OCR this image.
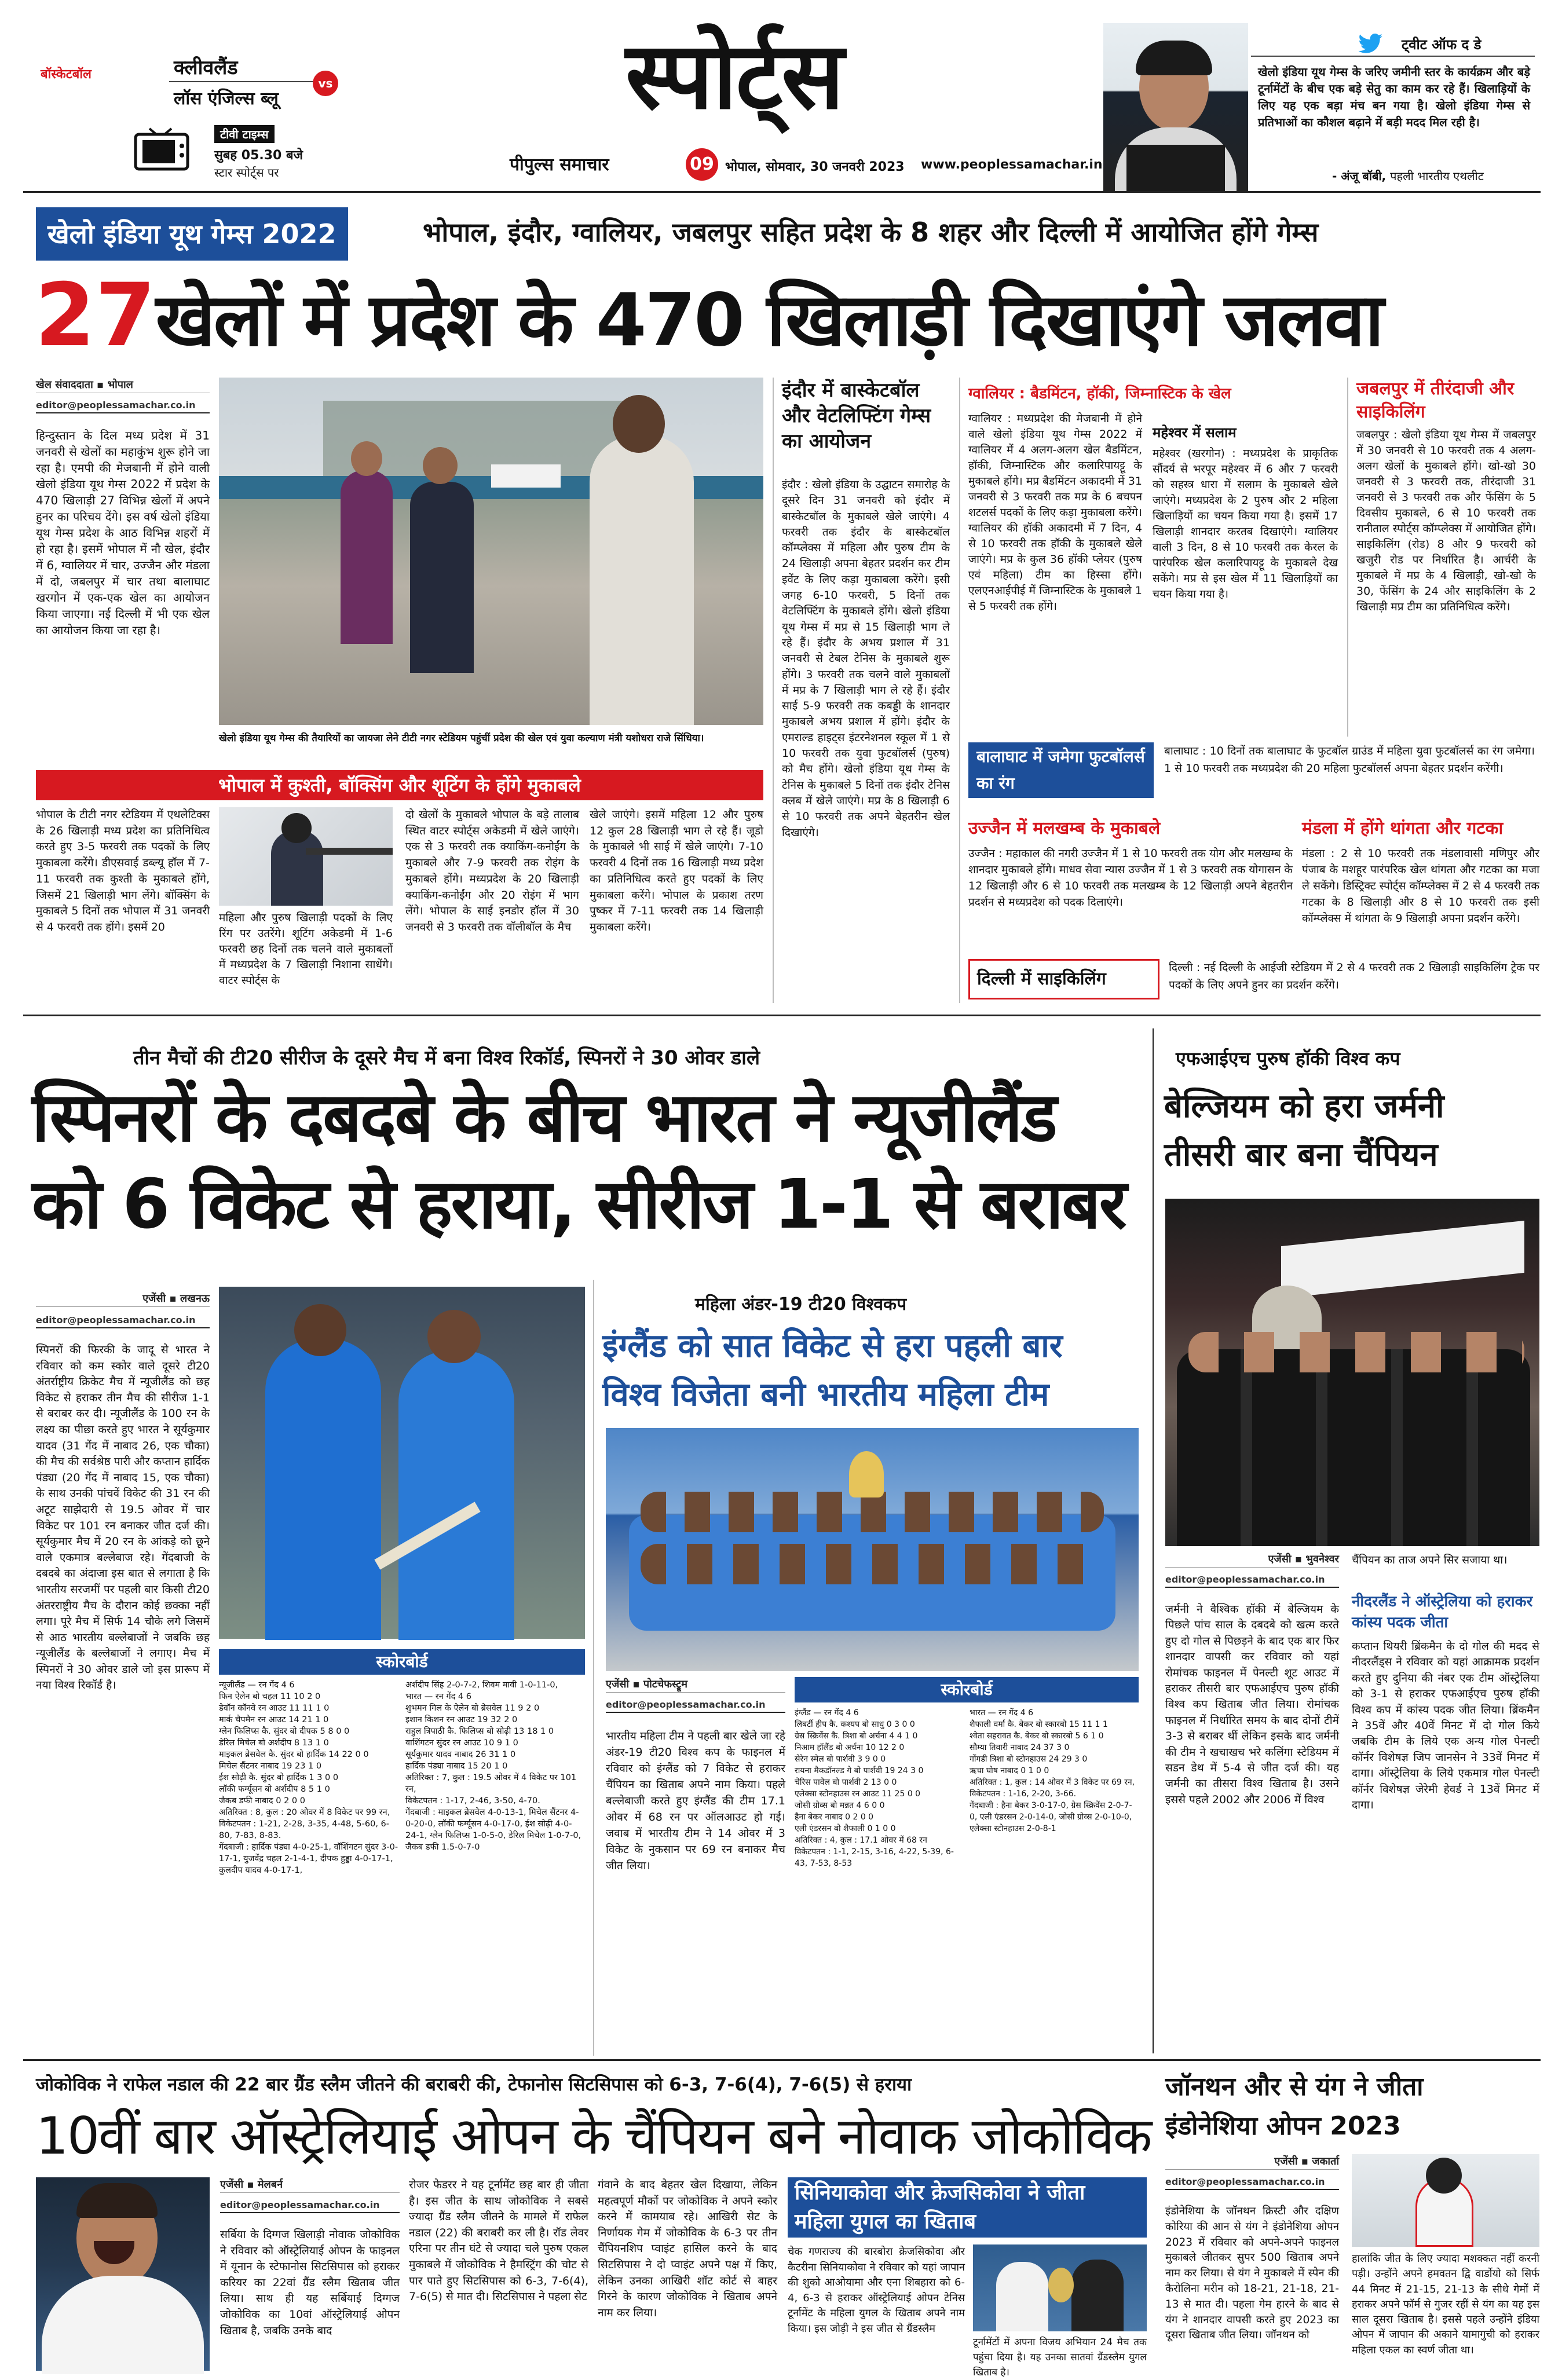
बॉस्केटबॉल	क्लीवलैंड
लॉस एंजिल्स ब्लू
vs
टीवी टाइम्स
सुबह 05.30 बजे
स्टार स्पोर्ट्स पर
स्पोर्ट्स
पीपुल्स समाचार	09 भोपाल, सोमवार, 30 जनवरी 2023 www.peoplessamachar.in
ट्वीट ऑफ द डे
खेलो इंडिया यूथ गेम्स के जरिए जमीनी स्तर के कार्यक्रम और बड़े टूर्नामेंटों के बीच एक बड़े सेतु का काम कर रहे हैं। खिलाड़ियों के लिए यह एक बड़ा मंच बन गया है। खेलो इंडिया गेम्स से प्रतिभाओं का कौशल बढ़ाने में बड़ी मदद मिल रही है।
- अंजू बॉबी, पहली भारतीय एथलीट
खेलो इंडिया यूथ गेम्स 2022	भोपाल, इंदौर, ग्वालियर, जबलपुर सहित प्रदेश के 8 शहर और दिल्ली में आयोजित होंगे गेम्स
27खेलों में प्रदेश के 470 खिलाड़ी दिखाएंगे जलवा
खेल संवाददाता ▪ भोपाल
editor@peoplessamachar.co.in
हिन्दुस्तान के दिल मध्य प्रदेश में 31 जनवरी से खेलों का महाकुंभ शुरू होने जा रहा है। एमपी की मेजबानी में होने वाली खेलो इंडिया यूथ गेम्स 2022 में प्रदेश के 470 खिलाड़ी 27 विभिन्न खेलों में अपने हुनर का परिचय देंगे। इस वर्ष खेलो इंडिया यूथ गेम्स प्रदेश के आठ विभिन्न शहरों में हो रहा है। इसमें भोपाल में नौ खेल, इंदौर में 6, ग्वालियर में चार, उज्जैन और मंडला में दो, जबलपुर में चार तथा बालाघाट खरगोन में एक-एक खेल का आयोजन किया जाएगा। नई दिल्ली में भी एक खेल का आयोजन किया जा रहा है।
खेलो इंडिया यूथ गेम्स की तैयारियों का जायजा लेने टीटी नगर स्टेडियम पहुंचीं प्रदेश की खेल एवं युवा कल्याण मंत्री यशोधरा राजे सिंधिया।
इंदौर में बास्केटबॉल और वेटलिफ्टिंग गेम्स का आयोजन
इंदौर : खेलो इंडिया के उद्घाटन समारोह के दूसरे दिन 31 जनवरी को इंदौर में बास्केटबॉल के मुकाबले खेले जाएंगे। 4 फरवरी तक इंदौर के बास्केटबॉल कॉम्प्लेक्स में महिला और पुरुष टीम के 24 खिलाड़ी अपना बेहतर प्रदर्शन कर टीम इवेंट के लिए कड़ा मुकाबला करेंगे। इसी जगह 6-10 फरवरी, 5 दिनों तक वेटलिफ्टिंग के मुकाबले होंगे। खेलो इंडिया यूथ गेम्स में मप्र से 15 खिलाड़ी भाग ले रहे हैं। इंदौर के अभय प्रशाल में 31 जनवरी से टेबल टेनिस के मुकाबले शुरू होंगे। 3 फरवरी तक चलने वाले मुकाबलों में मप्र के 7 खिलाड़ी भाग ले रहे हैं। इंदौर साई 5-9 फरवरी तक कबड्डी के शानदार मुकाबले अभय प्रशाल में होंगे। इंदौर के एमराल्ड हाइट्स इंटरनेशनल स्कूल में 1 से 10 फरवरी तक युवा फुटबॉलर्स (पुरुष) को मैच होंगे। खेलो इंडिया यूथ गेम्स के टेनिस के मुकाबले 5 दिनों तक इंदौर टेनिस क्लब में खेले जाएंगे। मप्र के 8 खिलाड़ी 6 से 10 फरवरी तक अपने बेहतरीन खेल दिखाएंगे।
ग्वालियर : बैडमिंटन, हॉकी, जिम्नास्टिक के खेल
ग्वालियर : मध्यप्रदेश की मेजबानी में होने वाले खेलो इंडिया यूथ गेम्स 2022 में ग्वालियर में 4 अलग-अलग खेल बैडमिंटन, हॉकी, जिम्नास्टिक और कलारिपायट्टू के मुकाबले होंगे। मप्र बैडमिंटन अकादमी में 31 जनवरी से 3 फरवरी तक मप्र के 6 बचपन शटलर्स पदकों के लिए कड़ा मुकाबला करेंगे। ग्वालियर की हॉकी अकादमी में 7 दिन, 4 से 10 फरवरी तक हॉकी के मुकाबले खेले जाएंगे। मप्र के कुल 36 हॉकी प्लेयर (पुरुष एवं महिला) टीम का हिस्सा होंगे। एलएनआईपीई में जिम्नास्टिक के मुकाबले 1 से 5 फरवरी तक होंगे।
महेश्वर में सलाम
महेश्वर (खरगोन) : मध्यप्रदेश के प्राकृतिक सौंदर्य से भरपूर महेश्वर में 6 और 7 फरवरी को सहस्त्र धारा में सलाम के मुकाबले खेले जाएंगे। मध्यप्रदेश के 2 पुरुष और 2 महिला खिलाड़ियों का चयन किया गया है। इसमें 17 खिलाड़ी शानदार करतब दिखाएंगे। ग्वालियर वाली 3 दिन, 8 से 10 फरवरी तक केरल के पारंपरिक खेल कलारिपायट्टू के मुकाबले देख सकेंगे। मप्र से इस खेल में 11 खिलाड़ियों का चयन किया गया है।
जबलपुर में तीरंदाजी और साइकिलिंग
जबलपुर : खेलो इंडिया यूथ गेम्स में जबलपुर में 30 जनवरी से 10 फरवरी तक 4 अलग-अलग खेलों के मुकाबले होंगे। खो-खो 30 जनवरी से 3 फरवरी तक, तीरंदाजी 31 जनवरी से 3 फरवरी तक और फेंसिंग के 5 दिवसीय मुकाबले, 6 से 10 फरवरी तक रानीताल स्पोर्ट्स कॉम्प्लेक्स में आयोजित होंगे। साइकिलिंग (रोड) 8 और 9 फरवरी को खजुरी रोड पर निर्धारित है। आर्चरी के मुकाबले में मप्र के 4 खिलाड़ी, खो-खो के 30, फेंसिंग के 24 और साइकिलिंग के 2 खिलाड़ी मप्र टीम का प्रतिनिधित्व करेंगे।
बालाघाट में जमेगा फुटबॉलर्स का रंग
बालाघाट : 10 दिनों तक बालाघाट के फुटबॉल ग्राउंड में महिला युवा फुटबॉलर्स का रंग जमेगा। 1 से 10 फरवरी तक मध्यप्रदेश की 20 महिला फुटबॉलर्स अपना बेहतर प्रदर्शन करेंगी।
उज्जैन में मलखम्ब के मुकाबले
उज्जैन : महाकाल की नगरी उज्जैन में 1 से 10 फरवरी तक योग और मलखम्ब के शानदार मुकाबले होंगे। माधव सेवा न्यास उज्जैन में 1 से 3 फरवरी तक योगासन के 12 खिलाड़ी और 6 से 10 फरवरी तक मलखम्ब के 12 खिलाड़ी अपने बेहतरीन प्रदर्शन से मध्यप्रदेश को पदक दिलाएंगे।
मंडला में होंगे थांगता और गटका
मंडला : 2 से 10 फरवरी तक मंडलावासी मणिपुर और पंजाब के मशहूर पारंपरिक खेल थांगता और गटका का मजा ले सकेंगे। डिस्ट्रिक्ट स्पोर्ट्स कॉम्प्लेक्स में 2 से 4 फरवरी तक गटका के 8 खिलाड़ी और 8 से 10 फरवरी तक इसी कॉम्प्लेक्स में थांगता के 9 खिलाड़ी अपना प्रदर्शन करेंगे।
दिल्ली में साइकिलिंग
दिल्ली : नई दिल्ली के आईजी स्टेडियम में 2 से 4 फरवरी तक 2 खिलाड़ी साइकिलिंग ट्रेक पर पदकों के लिए अपने हुनर का प्रदर्शन करेंगे।
भोपाल में कुश्ती, बॉक्सिंग और शूटिंग के होंगे मुकाबले
भोपाल के टीटी नगर स्टेडियम में एथलेटिक्स के 26 खिलाड़ी मध्य प्रदेश का प्रतिनिधित्व करते हुए 3-5 फरवरी तक पदकों के लिए मुकाबला करेंगे। डीएसवाई डब्ल्यू हॉल में 7-11 फरवरी तक कुश्ती के मुकाबले होंगे, जिसमें 21 खिलाड़ी भाग लेंगे। बॉक्सिंग के मुकाबले 5 दिनों तक भोपाल में 31 जनवरी से 4 फरवरी तक होंगे। इसमें 20
महिला और पुरुष खिलाड़ी पदकों के लिए रिंग पर उतरेंगे। शूटिंग अकेडमी में 1-6 फरवरी छह दिनों तक चलने वाले मुकाबलों में मध्यप्रदेश के 7 खिलाड़ी निशाना साधेंगे। वाटर स्पोर्ट्स के
दो खेलों के मुकाबले भोपाल के बड़े तालाब स्थित वाटर स्पोर्ट्स अकेडमी में खेले जाएंगे। एक से 3 फरवरी तक क्याकिंग-कनोईंग के मुकाबले और 7-9 फरवरी तक रोइंग के मुकाबले होंगे। मध्यप्रदेश के 20 खिलाड़ी क्याकिंग-कनोईंग और 20 रोइंग में भाग लेंगे। भोपाल के साई इनडोर हॉल में 30 जनवरी से 3 फरवरी तक वॉलीबॉल के मैच
खेले जाएंगे। इसमें महिला 12 और पुरुष 12 कुल 28 खिलाड़ी भाग ले रहे हैं। जूडो के मुकाबले भी साई में खेले जाएंगे। 7-10 फरवरी 4 दिनों तक 16 खिलाड़ी मध्य प्रदेश का प्रतिनिधित्व करते हुए पदकों के लिए मुकाबला करेंगे। भोपाल के प्रकाश तरण पुष्कर में 7-11 फरवरी तक 14 खिलाड़ी मुकाबला करेंगे।
तीन मैचों की टी20 सीरीज के दूसरे मैच में बना विश्व रिकॉर्ड, स्पिनरों ने 30 ओवर डाले
स्पिनरों के दबदबे के बीच भारत ने न्यूजीलैंड
को 6 विकेट से हराया, सीरीज 1-1 से बराबर
एजेंसी ▪ लखनऊ
editor@peoplessamachar.co.in
स्पिनरों की फिरकी के जादू से भारत ने रविवार को कम स्कोर वाले दूसरे टी20 अंतर्राष्ट्रीय क्रिकेट मैच में न्यूजीलैंड को छह विकेट से हराकर तीन मैच की सीरीज 1-1 से बराबर कर दी। न्यूजीलैंड के 100 रन के लक्ष्य का पीछा करते हुए भारत ने सूर्यकुमार यादव (31 गेंद में नाबाद 26, एक चौका) की मैच की सर्वश्रेष्ठ पारी और कप्तान हार्दिक पंड्या (20 गेंद में नाबाद 15, एक चौका) के साथ उनकी पांचवें विकेट की 31 रन की अटूट साझेदारी से 19.5 ओवर में चार विकेट पर 101 रन बनाकर जीत दर्ज की। सूर्यकुमार मैच में 20 रन के आंकड़े को छूने वाले एकमात्र बल्लेबाज रहे। गेंदबाजी के दबदबे का अंदाजा इस बात से लगाता है कि भारतीय सरजमीं पर पहली बार किसी टी20 अंतरराष्ट्रीय मैच के दौरान कोई छक्का नहीं लगा। पूरे मैच में सिर्फ 14 चौके लगे जिसमें से आठ भारतीय बल्लेबाजों ने जबकि छह न्यूजीलैंड के बल्लेबाजों ने लगाए। मैच में स्पिनरों ने 30 ओवर डाले जो इस प्रारूप में नया विश्व रिकॉर्ड है।
स्कोरबोर्ड
न्यूजीलैंड — रन गेंद 4 6
फिन ऐलेन बो चहल 11 10 2 0
डेवॉन कॉनवे रन आउट 11 11 1 0
मार्क चैपमैन रन आउट 14 21 1 0
ग्लेन फिलिप्स कै. सुंदर बो दीपक 5 8 0 0
डेरिल मिचेल बो अर्शदीप 8 13 1 0
माइकल ब्रेसवेल कै. सुंदर बो हार्दिक 14 22 0 0
मिचेल सैंटनर नाबाद 19 23 1 0
ईश सोढ़ी कै. सुंदर बो हार्दिक 1 3 0 0
लॉकी फर्ग्यूसन बो अर्शदीप 8 5 1 0
जैकब डफी नाबाद 0 2 0 0
अतिरिक्त : 8, कुल : 20 ओवर में 8 विकेट पर 99 रन,
विकेटपतन : 1-21, 2-28, 3-35, 4-48, 5-60, 6-80, 7-83, 8-83.
गेंदबाजी : हार्दिक पंड्या 4-0-25-1, वॉशिंगटन सुंदर 3-0-17-1, युजवेंद्र चहल 2-1-4-1, दीपक हुड्डा 4-0-17-1, कुलदीप यादव 4-0-17-1,
अर्शदीप सिंह 2-0-7-2, शिवम मावी 1-0-11-0,
भारत — रन गेंद 4 6
शुभमन गिल के ऐलेन बो ब्रेसवेल 11 9 2 0
इशान किशन रन आउट 19 32 2 0
राहुल त्रिपाठी कै. फिलिप्स बो सोढ़ी 13 18 1 0
वाशिंगटन सुंदर रन आउट 10 9 1 0
सूर्यकुमार यादव नाबाद 26 31 1 0
हार्दिक पंड्या नाबाद 15 20 1 0
अतिरिक्त : 7, कुल : 19.5 ओवर में 4 विकेट पर 101 रन,
विकेटपतन : 1-17, 2-46, 3-50, 4-70.
गेंदबाजी : माइकल ब्रेसवेल 4-0-13-1, मिचेल सैंटनर 4-0-20-0, लॉकी फर्ग्यूसन 4-0-17-0, ईश सोढ़ी 4-0-24-1, ग्लेन फिलिप्स 1-0-5-0, डेरिल मिचेल 1-0-7-0, जैकब डफी 1.5-0-7-0
महिला अंडर-19 टी20 विश्वकप
इंग्लैंड को सात विकेट से हरा पहली बार
विश्व विजेता बनी भारतीय महिला टीम
एजेंसी ▪ पोटचेफस्ट्रूम
editor@peoplessamachar.co.in
भारतीय महिला टीम ने पहली बार खेले जा रहे अंडर-19 टी20 विश्व कप के फाइनल में रविवार को इंग्लैंड को 7 विकेट से हराकर चैंपियन का खिताब अपने नाम किया। पहले बल्लेबाजी करते हुए इंग्लैंड की टीम 17.1 ओवर में 68 रन पर ऑलआउट हो गई। जवाब में भारतीय टीम ने 14 ओवर में 3 विकेट के नुकसान पर 69 रन बनाकर मैच जीत लिया।
स्कोरबोर्ड
इंग्लैंड — रन गेंद 4 6
लिबर्टी हीप कै. कश्यप बो साधु 0 3 0 0
ग्रेस स्क्रिवेंस कै. त्रिशा बो अर्चना 4 4 1 0
निआम हॉलैंड बो अर्चना 10 12 2 0
सेरेन स्मेल बो पार्शवी 3 9 0 0
रायना मैकडॉनल्ड गे बो पार्शवी 19 24 3 0
चेरिस पावेल बो पार्शवी 2 13 0 0
एलेक्सा स्टोनहाउस रन आउट 11 25 0 0
जोसी ग्रोव्स बो मन्नत 4 6 0 0
हैना बेकर नाबाद 0 2 0 0
एली एंडरसन बो शैफाली 0 1 0 0
अतिरिक्त : 4, कुल : 17.1 ओवर में 68 रन
विकेटपतन : 1-1, 2-15, 3-16, 4-22, 5-39, 6-43, 7-53, 8-53
भारत — रन गेंद 4 6
शैफाली वर्मा कै. बेकर बो स्कारबो 15 11 1 1
श्वेता सहरावत कै. बेकर बो स्कारबो 5 6 1 0
सौम्या तिवारी नाबाद 24 37 3 0
गोंगडी त्रिशा बो स्टोनहाउस 24 29 3 0
ऋचा घोष नाबाद 0 1 0 0
अतिरिक्त : 1, कुल : 14 ओवर में 3 विकेट पर 69 रन,
विकेटपतन : 1-16, 2-20, 3-66.
गेंदबाजी : हैना बेकर 3-0-17-0, ग्रेस स्क्रिवेंस 2-0-7-0, एली एंडरसन 2-0-14-0, जोसी ग्रोव्स 2-0-10-0, एलेक्सा स्टोनहाउस 2-0-8-1
एफआईएच पुरुष हॉकी विश्व कप
बेल्जियम को हरा जर्मनी
तीसरी बार बना चैंपियन
एजेंसी ▪ भुवनेश्वर
editor@peoplessamachar.co.in
जर्मनी ने वैश्विक हॉकी में बेल्जियम के पिछले पांच साल के दबदबे को खत्म करते हुए दो गोल से पिछड़ने के बाद एक बार फिर शानदार वापसी कर रविवार को यहां रोमांचक फाइनल में पेनल्टी शूट आउट में हराकर तीसरी बार एफआईएच पुरुष हॉकी विश्व कप खिताब जीत लिया। रोमांचक फाइनल में निर्धारित समय के बाद दोनों टीमें 3-3 से बराबर थीं लेकिन इसके बाद जर्मनी की टीम ने खचाखच भरे कलिंगा स्टेडियम में सडन डेथ में 5-4 से जीत दर्ज की। यह जर्मनी का तीसरा विश्व खिताब है। उसने इससे पहले 2002 और 2006 में विश्व
चैंपियन का ताज अपने सिर सजाया था।
नीदरलैंड ने ऑस्ट्रेलिया को हराकर कांस्य पदक जीता
कप्तान थियरी ब्रिंकमैन के दो गोल की मदद से नीदरलैंड्स ने रविवार को यहां आक्रामक प्रदर्शन करते हुए दुनिया की नंबर एक टीम ऑस्ट्रेलिया को 3-1 से हराकर एफआईएच पुरुष हॉकी विश्व कप में कांस्य पदक जीत लिया। ब्रिंकमैन ने 35वें और 40वें मिनट में दो गोल किये जबकि टीम के लिये एक अन्य गोल पेनल्टी कॉर्नर विशेषज्ञ जिप जानसेन ने 33वें मिनट में दागा। ऑस्ट्रेलिया के लिये एकमात्र गोल पेनल्टी कॉर्नर विशेषज्ञ जेरेमी हेवर्ड ने 13वें मिनट में दागा।
जोकोविक ने राफेल नडाल की 22 बार ग्रैंड स्लैम जीतने की बराबरी की, टेफानोस सिटसिपास को 6-3, 7-6(4), 7-6(5) से हराया
10वीं बार ऑस्ट्रेलियाई ओपन के चैंपियन बने नोवाक जोकोविक
एजेंसी ▪ मेलबर्न
editor@peoplessamachar.co.in
सर्बिया के दिग्गज खिलाड़ी नोवाक जोकोविक ने रविवार को ऑस्ट्रेलियाई ओपन के फाइनल में यूनान के स्टेफानोस सिटसिपास को हराकर करियर का 22वां ग्रैंड स्लैम खिताब जीत लिया। साथ ही यह सर्बियाई दिग्गज जोकोविक का 10वां ऑस्ट्रेलियाई ओपन खिताब है, जबकि उनके बाद
रोजर फेडरर ने यह टूर्नामेंट छह बार ही जीता है। इस जीत के साथ जोकोविक ने सबसे ज्यादा ग्रैंड स्लैम जीतने के मामले में राफेल नडाल (22) की बराबरी कर ली है। रॉड लेवर एरिना पर तीन घंटे से ज्यादा चले पुरुष एकल मुकाबले में जोकोविक ने हैमस्ट्रिंग की चोट से पार पाते हुए सिटसिपास को 6-3, 7-6(4), 7-6(5) से मात दी। सिटसिपास ने पहला सेट
गंवाने के बाद बेहतर खेल दिखाया, लेकिन महत्वपूर्ण मौकों पर जोकोविक ने अपने स्कोर करने में कामयाब रहे। आखिरी सेट के निर्णायक गेम में जोकोविक के 6-3 पर तीन चैंपियनशिप प्वाइंट हासिल करने के बाद सिटसिपास ने दो प्वाइंट अपने पक्ष में किए, लेकिन उनका आखिरी शॉट कोर्ट से बाहर गिरने के कारण जोकोविक ने खिताब अपने नाम कर लिया।
सिनियाकोवा और क्रेजसिकोवा ने जीता महिला युगल का खिताब
चेक गणराज्य की बारबोरा क्रेजसिकोवा और कैटरीना सिनियाकोवा ने रविवार को यहां जापान की शुको आओयामा और एना शिबहारा को 6-4, 6-3 से हराकर ऑस्ट्रेलियाई ओपन टेनिस टूर्नामेंट के महिला युगल के खिताब अपने नाम किया। इस जोड़ी ने इस जीत से ग्रैंडस्लैम
टूर्नामेंटों में अपना विजय अभियान 24 मैच तक पहुंचा दिया है। यह उनका सातवां ग्रैंडस्लैम युगल खिताब है।
जॉनथन और से यंग ने जीता
इंडोनेशिया ओपन 2023
एजेंसी ▪ जकार्ता
editor@peoplessamachar.co.in
इंडोनेशिया के जॉनथन क्रिस्टी और दक्षिण कोरिया की आन से यंग ने इंडोनेशिया ओपन 2023 में रविवार को अपने-अपने फाइनल मुकाबले जीतकर सुपर 500 खिताब अपने नाम कर लिया। से यंग ने मुकाबले में स्पेन की कैरोलिना मरीन को 18-21, 21-18, 21-13 से मात दी। पहला गेम हारने के बाद से यंग ने शानदार वापसी करते हुए 2023 का दूसरा खिताब जीत लिया। जॉनथन को
हालांकि जीत के लिए ज्यादा मशक्कत नहीं करनी पड़ी। उन्होंने अपने हमवतन द्वि वार्डोयो को सिर्फ 44 मिनट में 21-15, 21-13 के सीधे गेमों में हराकर अपने फॉर्म से गुजर रहीं से यंग का यह इस साल दूसरा खिताब है। इससे पहले उन्होंने इंडिया ओपन में जापान की अकाने यामागुची को हराकर महिला एकल का स्वर्ण जीता था।
